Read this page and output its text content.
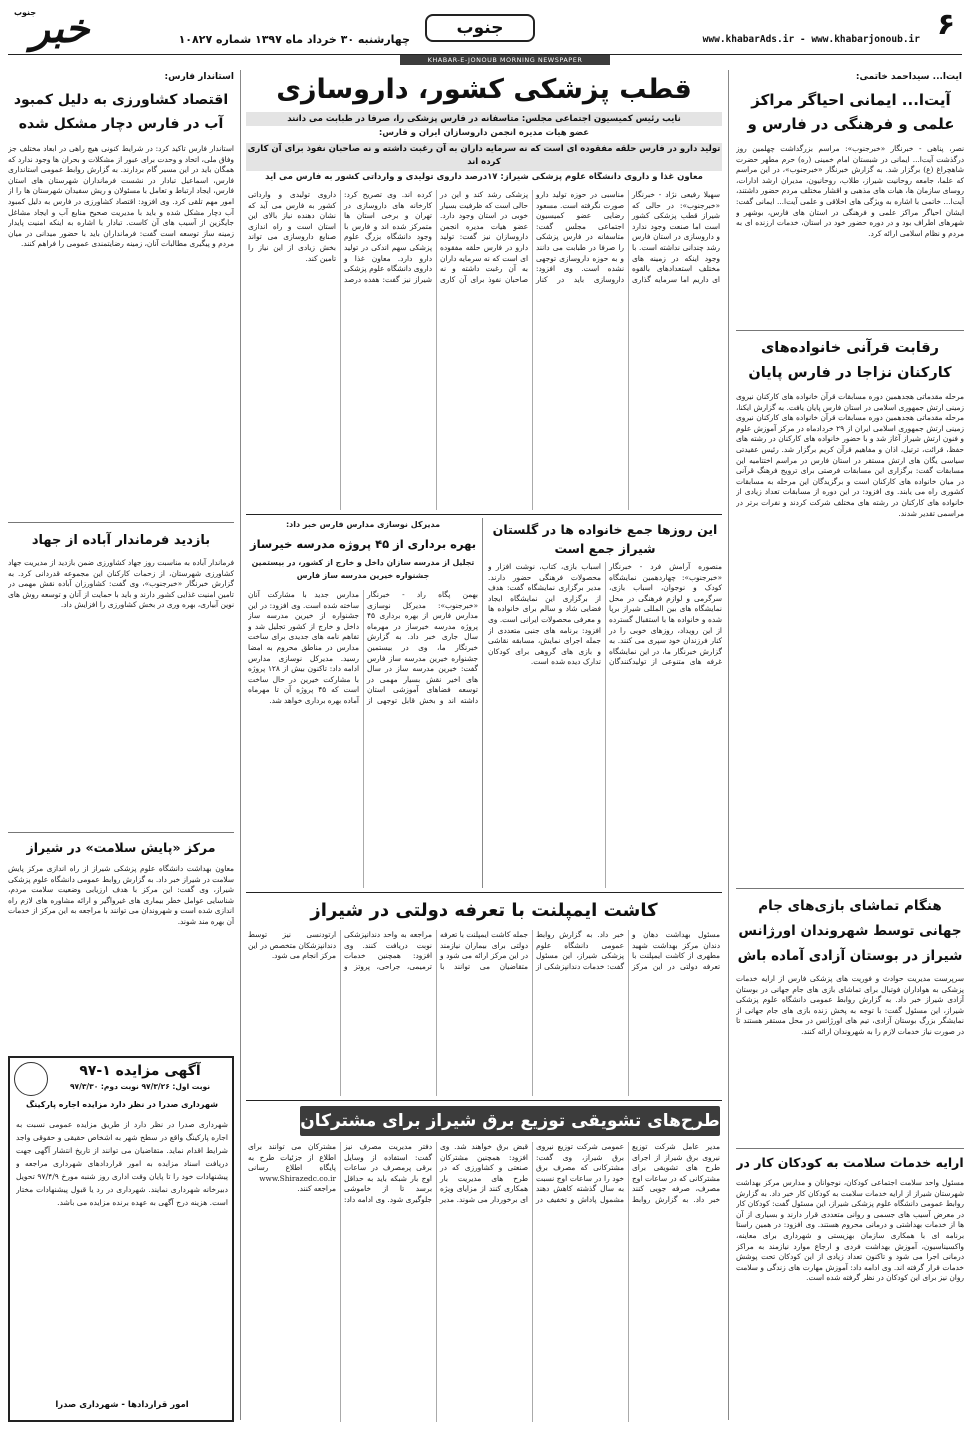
۶
www.khabarAds.ir - www.khabarjonoub.ir
جنوب
چهارشنبه ۳۰ خرداد ماه ۱۳۹۷ شماره ۱۰۸۲۷
خبر
جنوب
KHABAR-E-JONOUB MORNING NEWSPAPER
آیت‌ا... سیداحمد خاتمی:
آیت‌ا... ایمانی احیاگر مراکز علمی و فرهنگی در فارس و
نصر، پناهی - خبرنگار «خبرجنوب»: مراسم بزرگداشت چهلمین روز درگذشت آیت‌ا... ایمانی در شبستان امام خمینی (ره) حرم مطهر حضرت شاهچراغ (ع) برگزار شد. به گزارش خبرنگار «خبرجنوب»، در این مراسم که علما، جامعه روحانیت شیراز، طلاب، روحانیون، مدیران ارشد ادارات، روسای سازمان ها، هیات های مذهبی و اقشار مختلف مردم حضور داشتند، آیت‌ا... خاتمی با اشاره به ویژگی های اخلاقی و علمی آیت‌ا... ایمانی گفت: ایشان احیاگر مراکز علمی و فرهنگی در استان های فارس، بوشهر و شهرهای اطراف بود و در دوره حضور خود در استان، خدمات ارزنده ای به مردم و نظام اسلامی ارائه کرد.
رقابت قرآنی خانواده‌های کارکنان نزاجا در فارس پایان
مرحله مقدماتی هجدهمین دوره مسابقات قرآن خانواده های کارکنان نیروی زمینی ارتش جمهوری اسلامی در استان فارس پایان یافت. به گزارش ایکنا، مرحله مقدماتی هجدهمین دوره مسابقات قرآن خانواده های کارکنان نیروی زمینی ارتش جمهوری اسلامی ایران از ۲۹ خردادماه در مرکز آموزش علوم و فنون ارتش شیراز آغاز شد و با حضور خانواده های کارکنان در رشته های حفظ، قرائت، ترتیل، اذان و مفاهیم قرآن کریم برگزار شد. رئیس عقیدتی سیاسی یگان های ارتش مستقر در استان فارس در مراسم اختتامیه این مسابقات گفت: برگزاری این مسابقات فرصتی برای ترویج فرهنگ قرآنی در میان خانواده های کارکنان است و برگزیدگان این مرحله به مسابقات کشوری راه می یابند. وی افزود: در این دوره از مسابقات تعداد زیادی از خانواده های کارکنان در رشته های مختلف شرکت کردند و نفرات برتر در مراسمی تقدیر شدند.
هنگام تماشای بازی‌های جام جهانی توسط شهروندان اورژانس شیراز در بوستان آزادی آماده باش
سرپرست مدیریت حوادث و فوریت های پزشکی فارس از ارایه خدمات پزشکی به هواداران فوتبال برای تماشای بازی های جام جهانی در بوستان آزادی شیراز خبر داد. به گزارش روابط عمومی دانشگاه علوم پزشکی شیراز، این مسئول گفت: با توجه به پخش زنده بازی های جام جهانی از نمایشگر بزرگ بوستان آزادی، تیم های اورژانس در محل مستقر هستند تا در صورت نیاز خدمات لازم را به شهروندان ارائه کنند.
ارایه خدمات سلامت به کودکان کار در
مسئول واحد سلامت اجتماعی کودکان، نوجوانان و مدارس مرکز بهداشت شهرستان شیراز از ارایه خدمات سلامت به کودکان کار خبر داد. به گزارش روابط عمومی دانشگاه علوم پزشکی شیراز، این مسئول گفت: کودکان کار در معرض آسیب های جسمی و روانی متعددی قرار دارند و بسیاری از آن ها از خدمات بهداشتی و درمانی محروم هستند. وی افزود: در همین راستا برنامه ای با همکاری سازمان بهزیستی و شهرداری برای معاینه، واکسیناسیون، آموزش بهداشت فردی و ارجاع موارد نیازمند به مراکز درمانی اجرا می شود و تاکنون تعداد زیادی از این کودکان تحت پوشش خدمات قرار گرفته اند. وی ادامه داد: آموزش مهارت های زندگی و سلامت روان نیز برای این کودکان در نظر گرفته شده است.
قطب پزشکی کشور، داروسازی
نایب رئیس کمیسیون اجتماعی مجلس: متاسفانه در فارس پزشکی را، صرفا در طبابت می دانند
عضو هیات مدیره انجمن داروسازان ایران و فارس:
تولید دارو در فارس حلقه مفقوده ای است که نه سرمایه داران به آن رغبت داشته و نه صاحبان نفوذ برای آن کاری کرده اند
معاون غذا و داروی دانشگاه علوم پزشکی شیراز: ۱۷درصد داروی تولیدی و وارداتی کشور به فارس می آید
سهیلا رفیعی نژاد - خبرنگار «خبرجنوب»: در حالی که شیراز قطب پزشکی کشور است اما صنعت وجود ندارد و داروسازی در استان فارس رشد چندانی نداشته است. با وجود اینکه در زمینه های مختلف استعدادهای بالقوه ای داریم اما سرمایه گذاری مناسبی در حوزه تولید دارو صورت نگرفته است. مسعود رضایی عضو کمیسیون اجتماعی مجلس گفت: متاسفانه در فارس پزشکی را صرفا در طبابت می دانند و به حوزه داروسازی توجهی نشده است. وی افزود: داروسازی باید در کنار پزشکی رشد کند و این در حالی است که ظرفیت بسیار خوبی در استان وجود دارد. عضو هیات مدیره انجمن داروسازان نیز گفت: تولید دارو در فارس حلقه مفقوده ای است که نه سرمایه داران به آن رغبت داشته و نه صاحبان نفوذ برای آن کاری کرده اند. وی تصریح کرد: کارخانه های داروسازی در تهران و برخی استان ها متمرکز شده اند و فارس با وجود دانشگاه بزرگ علوم پزشکی سهم اندکی در تولید دارو دارد. معاون غذا و داروی دانشگاه علوم پزشکی شیراز نیز گفت: هفده درصد داروی تولیدی و وارداتی کشور به فارس می آید که نشان دهنده نیاز بالای این استان است و راه اندازی صنایع داروسازی می تواند بخش زیادی از این نیاز را تامین کند.
این روزها جمع خانواده ها در گلستان شیراز جمع است
منصوره آرامش فرد - خبرنگار «خبرجنوب»: چهاردهمین نمایشگاه کودک و نوجوان، اسباب بازی، سرگرمی و لوازم فرهنگی در محل نمایشگاه های بین المللی شیراز برپا شده و خانواده ها با استقبال گسترده از این رویداد، روزهای خوبی را در کنار فرزندان خود سپری می کنند. به گزارش خبرنگار ما، در این نمایشگاه غرفه های متنوعی از تولیدکنندگان اسباب بازی، کتاب، نوشت افزار و محصولات فرهنگی حضور دارند. مدیر برگزاری نمایشگاه گفت: هدف از برگزاری این نمایشگاه ایجاد فضایی شاد و سالم برای خانواده ها و معرفی محصولات ایرانی است. وی افزود: برنامه های جنبی متعددی از جمله اجرای نمایش، مسابقه نقاشی و بازی های گروهی برای کودکان تدارک دیده شده است.
مدیرکل نوسازی مدارس فارس خبر داد:
بهره برداری از ۴۵ پروژه مدرسه خیرساز
تجلیل از مدرسه سازان داخل و خارج از کشور، در بیستمین جشنواره خیرین مدرسه ساز فارس
بهمن پگاه راد - خبرنگار «خبرجنوب»: مدیرکل نوسازی مدارس فارس از بهره برداری ۴۵ پروژه مدرسه خیرساز در مهرماه سال جاری خبر داد. به گزارش خبرنگار ما، وی در بیستمین جشنواره خیرین مدرسه ساز فارس گفت: خیرین مدرسه ساز در سال های اخیر نقش بسیار مهمی در توسعه فضاهای آموزشی استان داشته اند و بخش قابل توجهی از مدارس جدید با مشارکت آنان ساخته شده است. وی افزود: در این جشنواره از خیرین مدرسه ساز داخل و خارج از کشور تجلیل شد و تفاهم نامه های جدیدی برای ساخت مدارس در مناطق محروم به امضا رسید. مدیرکل نوسازی مدارس ادامه داد: تاکنون بیش از ۱۲۸ پروژه با مشارکت خیرین در حال ساخت است که ۴۵ پروژه آن تا مهرماه آماده بهره برداری خواهد شد.
کاشت ایمپلنت با تعرفه دولتی در شیراز
مسئول بهداشت دهان و دندان مرکز بهداشت شهید مطهری از کاشت ایمپلنت با تعرفه دولتی در این مرکز خبر داد. به گزارش روابط عمومی دانشگاه علوم پزشکی شیراز، این مسئول گفت: خدمات دندانپزشکی از جمله کاشت ایمپلنت با تعرفه دولتی برای بیماران نیازمند در این مرکز ارائه می شود و متقاضیان می توانند با مراجعه به واحد دندانپزشکی نوبت دریافت کنند. وی افزود: همچنین خدمات ترمیمی، جراحی، پروتز و ارتودنسی نیز توسط دندانپزشکان متخصص در این مرکز انجام می شود.
طرح‌های تشویقی توزیع برق شیراز برای مشترکان
مدیر عامل شرکت توزیع نیروی برق شیراز از اجرای طرح های تشویقی برای مشترکانی که در ساعات اوج مصرف، صرفه جویی کنند خبر داد. به گزارش روابط عمومی شرکت توزیع نیروی برق شیراز، وی گفت: مشترکانی که مصرف برق خود را در ساعات اوج نسبت به سال گذشته کاهش دهند مشمول پاداش و تخفیف در قبض برق خواهند شد. وی افزود: همچنین مشترکان صنعتی و کشاورزی که در طرح های مدیریت بار همکاری کنند از مزایای ویژه ای برخوردار می شوند. مدیر دفتر مدیریت مصرف نیز گفت: استفاده از وسایل برقی پرمصرف در ساعات اوج بار شبکه باید به حداقل برسد تا از خاموشی جلوگیری شود. وی ادامه داد: مشترکان می توانند برای اطلاع از جزئیات طرح به پایگاه اطلاع رسانی www.Shirazedc.co.ir مراجعه کنند.
استاندار فارس:
اقتصاد کشاورزی به دلیل کمبود آب در فارس دچار مشکل شده
استاندار فارس تاکید کرد: در شرایط کنونی هیچ راهی در ابعاد مختلف جز وفاق ملی، اتحاد و وحدت برای عبور از مشکلات و بحران ها وجود ندارد که همگان باید در این مسیر گام بردارند. به گزارش روابط عمومی استانداری فارس، اسماعیل تبادار در نشست فرمانداران شهرستان های استان فارس، ایجاد ارتباط و تعامل با مسئولان و ریش سفیدان شهرستان ها را از امور مهم تلقی کرد. وی افزود: اقتصاد کشاورزی در فارس به دلیل کمبود آب دچار مشکل شده و باید با مدیریت صحیح منابع آب و ایجاد مشاغل جایگزین از آسیب های آن کاست. تبادار با اشاره به اینکه امنیت پایدار زمینه ساز توسعه است گفت: فرمانداران باید با حضور میدانی در میان مردم و پیگیری مطالبات آنان، زمینه رضایتمندی عمومی را فراهم کنند.
بازدید فرماندار آباده از جهاد
فرماندار آباده به مناسبت روز جهاد کشاورزی ضمن بازدید از مدیریت جهاد کشاورزی شهرستان، از زحمات کارکنان این مجموعه قدردانی کرد. به گزارش خبرنگار «خبرجنوب»، وی گفت: کشاورزان آباده نقش مهمی در تامین امنیت غذایی کشور دارند و باید با حمایت از آنان و توسعه روش های نوین آبیاری، بهره وری در بخش کشاورزی را افزایش داد.
مرکز «پایش سلامت» در شیراز
معاون بهداشت دانشگاه علوم پزشکی شیراز از راه اندازی مرکز پایش سلامت در شیراز خبر داد. به گزارش روابط عمومی دانشگاه علوم پزشکی شیراز، وی گفت: این مرکز با هدف ارزیابی وضعیت سلامت مردم، شناسایی عوامل خطر بیماری های غیرواگیر و ارائه مشاوره های لازم راه اندازی شده است و شهروندان می توانند با مراجعه به این مرکز از خدمات آن بهره مند شوند.
آگهی مزایده ۱-۹۷
نوبت اول: ۹۷/۳/۲۶ نوبت دوم: ۹۷/۳/۳۰
شهرداری صدرا در نظر دارد مزایده اجاره پارکینگ
شهرداری صدرا در نظر دارد از طریق مزایده عمومی نسبت به اجاره پارکینگ واقع در سطح شهر به اشخاص حقیقی و حقوقی واجد شرایط اقدام نماید. متقاضیان می توانند از تاریخ انتشار آگهی جهت دریافت اسناد مزایده به امور قراردادهای شهرداری مراجعه و پیشنهادات خود را تا پایان وقت اداری روز شنبه مورخ ۹۷/۴/۹ تحویل دبیرخانه شهرداری نمایند. شهرداری در رد یا قبول پیشنهادات مختار است. هزینه درج آگهی به عهده برنده مزایده می باشد.
امور قراردادها - شهرداری صدرا
